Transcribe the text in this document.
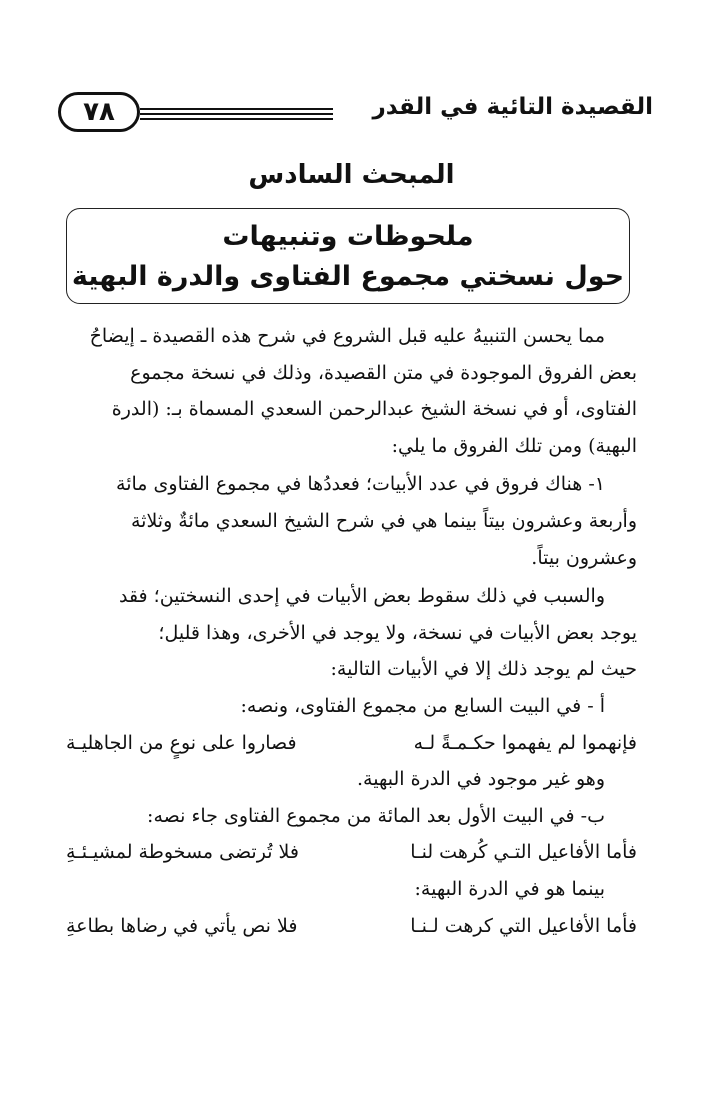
٧٨	القصيدة التائية في القدر
المبحث السادس
ملحوظات وتنبيهات
حول نسختي مجموع الفتاوى والدرة البهية

مما يحسن التنبيهُ عليه قبل الشروع في شرح هذه القصيدة ـ إيضاحُ

بعض الفروق الموجودة في متن القصيدة، وذلك في نسخة مجموع

الفتاوى، أو في نسخة الشيخ عبدالرحمن السعدي المسماة بـ: (الدرة

البهية) ومن تلك الفروق ما يلي:

١- هناك فروق في عدد الأبيات؛ فعددُها في مجموع الفتاوى مائة

وأربعة وعشرون بيتاً بينما هي في شرح الشيخ السعدي مائةٌ وثلاثة

وعشرون بيتاً.

والسبب في ذلك سقوط بعض الأبيات في إحدى النسختين؛ فقد

يوجد بعض الأبيات في نسخة، ولا يوجد في الأخرى، وهذا قليل؛

حيث لم يوجد ذلك إلا في الأبيات التالية:

أ - في البيت السابع من مجموع الفتاوى، ونصه:

فإنهموا لم يفهموا حكـمـةً لـه
فصاروا على نوعٍ من الجاهليـة

وهو غير موجود في الدرة البهية.

ب- في البيت الأول بعد المائة من مجموع الفتاوى جاء نصه:

فأما الأفاعيل التـي كُرهت لنـا
فلا تُرتضى مسخوطة لمشيـئـةِ

بينما هو في الدرة البهية:

فأما الأفاعيل التي كرهت لـنـا
فلا نص يأتي في رضاها بطاعةِ
